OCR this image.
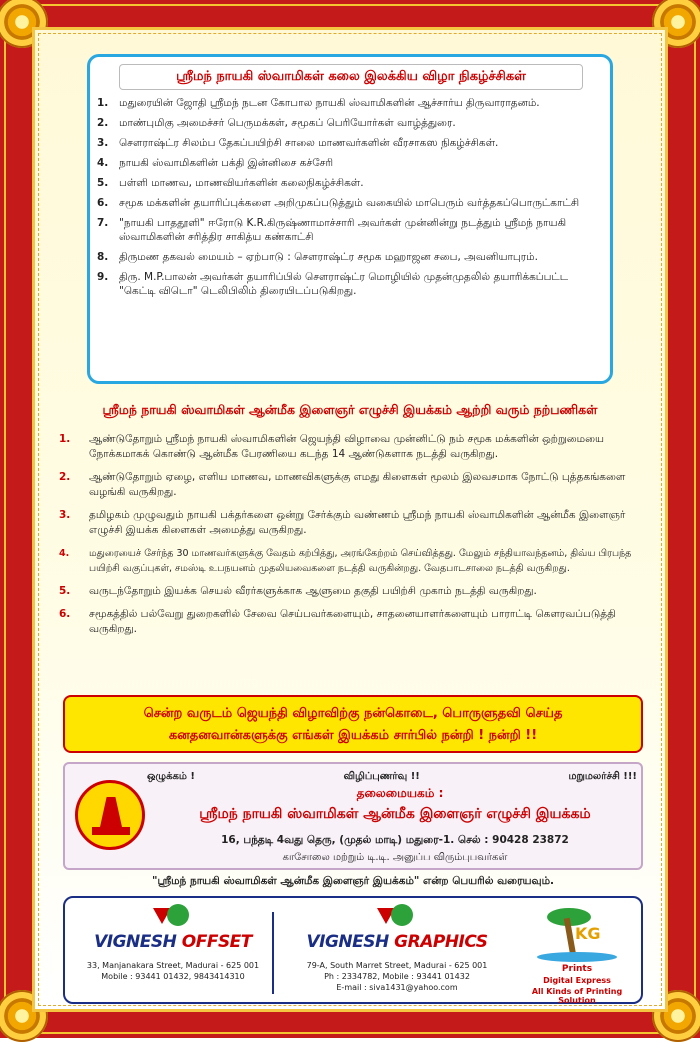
ஸ்ரீமந் நாயகி ஸ்வாமிகள் கலை இலக்கிய விழா நிகழ்ச்சிகள்
1.	மதுரையின் ஜோதி ஸ்ரீமந் நடன கோபால நாயகி ஸ்வாமிகளின் ஆச்சார்ய திருவாராதனம்.
2.	மாண்புமிகு அமைச்சர் பெருமக்கள், சமூகப் பெரியோர்கள் வாழ்த்துரை.
3.	சௌராஷ்ட்ர சிலம்ப தேகப்பயிற்சி சாலை மாணவர்களின் வீரசாகஸ நிகழ்ச்சிகள்.
4.	நாயகி ஸ்வாமிகளின் பக்தி இன்னிசை கச்சேரி
5.	பள்ளி மாணவ, மாணவியர்களின் கலைநிகழ்ச்சிகள்.
6.	சமூக மக்களின் தயாரிப்புக்களை அறிமுகப்படுத்தும் வகையில் மாபெரும் வர்த்தகப்பொருட்காட்சி
7.	"நாயகி பாததூளி" ஈரோடு K.R.கிருஷ்ணாமாச்சாரி அவர்கள் முன்னின்று நடத்தும் ஸ்ரீமந் நாயகி ஸ்வாமிகளின் சரித்திர சாகித்ய கண்காட்சி
8.	திருமண தகவல் மையம் – ஏற்பாடு : சௌராஷ்ட்ர சமூக மஹாஜன சபை, அவனியாபுரம்.
9.	திரு. M.P.பாலன் அவர்கள் தயாரிப்பில் சௌராஷ்ட்ர மொழியில் முதன்முதலில் தயாரிக்கப்பட்ட "கெட்டி விடொ" டெலிபிலிம் திரையிடப்படுகிறது.
ஸ்ரீமந் நாயகி ஸ்வாமிகள் ஆன்மீக இளைஞர் எழுச்சி இயக்கம் ஆற்றி வரும் நற்பணிகள்
1.	ஆண்டுதோறும் ஸ்ரீமந் நாயகி ஸ்வாமிகளின் ஜெயந்தி விழாவை முன்னிட்டு நம் சமூக மக்களின் ஒற்றுமையை நோக்கமாகக் கொண்டு ஆன்மீக பேரணியை கடந்த 14 ஆண்டுகளாக நடத்தி வருகிறது.
2.	ஆண்டுதோறும் ஏழை, எளிய மாணவ, மாணவிகளுக்கு எமது கிளைகள் மூலம் இலவசமாக நோட்டு புத்தகங்களை வழங்கி வருகிறது.
3.	தமிழகம் முழுவதும் நாயகி பக்தர்களை ஒன்று சேர்க்கும் வண்ணம் ஸ்ரீமந் நாயகி ஸ்வாமிகளின் ஆன்மீக இளைஞர் எழுச்சி இயக்க கிளைகள் அமைத்து வருகிறது.
4.	மதுரையைச் சேர்ந்த 30 மாணவர்களுக்கு வேதம் கற்பித்து, அரங்கேற்றம் செய்வித்தது. மேலும் சந்தியாவந்தனம், திவ்ய பிரபந்த பயிற்சி வகுப்புகள், சமஸ்டி உபநயனம் முதலியவைகளை நடத்தி வருகின்றது. வேதபாடசாலை நடத்தி வருகிறது.
5.	வருடந்தோறும் இயக்க செயல் வீரர்களுக்காக ஆளுமை தகுதி பயிற்சி முகாம் நடத்தி வருகிறது.
6.	சமூகத்தில் பல்வேறு துறைகளில் சேவை செய்பவர்களையும், சாதனையாளர்களையும் பாராட்டி கௌரவப்படுத்தி வருகிறது.
சென்ற வருடம் ஜெயந்தி விழாவிற்கு நன்கொடை, பொருளுதவி செய்த
கனதனவான்களுக்கு எங்கள் இயக்கம் சார்பில் நன்றி ! நன்றி !!
ஒழுக்கம் !	விழிப்புணர்வு !!	மறுமலர்ச்சி !!!
தலைமையகம் :
ஸ்ரீமந் நாயகி ஸ்வாமிகள் ஆன்மீக இளைஞர் எழுச்சி இயக்கம்
16, பந்தடி 4வது தெரு, (முதல் மாடி) மதுரை-1. செல் : 90428 23872
காசோலை மற்றும் டி.டி. அனுப்ப விரும்புபவர்கள்
"ஸ்ரீமந் நாயகி ஸ்வாமிகள் ஆன்மீக இளைஞர் இயக்கம்" என்ற பெயரில் வரையவும்.
VIGNESH OFFSET
33, Manjanakara Street, Madurai - 625 001
Mobile : 93441 01432, 9843414310
VIGNESH GRAPHICS
79-A, South Marret Street, Madurai - 625 001
Ph : 2334782, Mobile : 93441 01432
E-mail : siva1431@yahoo.com
KG
Prints
Digital Express
All Kinds of Printing Solution
